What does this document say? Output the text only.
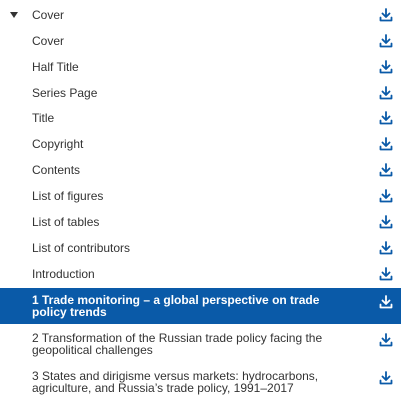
Cover
Cover
Half Title
Series Page
Title
Copyright
Contents
List of figures
List of tables
List of contributors
Introduction
1 Trade monitoring – a global perspective on trade policy trends
2 Transformation of the Russian trade policy facing the geopolitical challenges
3 States and dirigisme versus markets: hydrocarbons, agriculture, and Russia’s trade policy, 1991–2017
